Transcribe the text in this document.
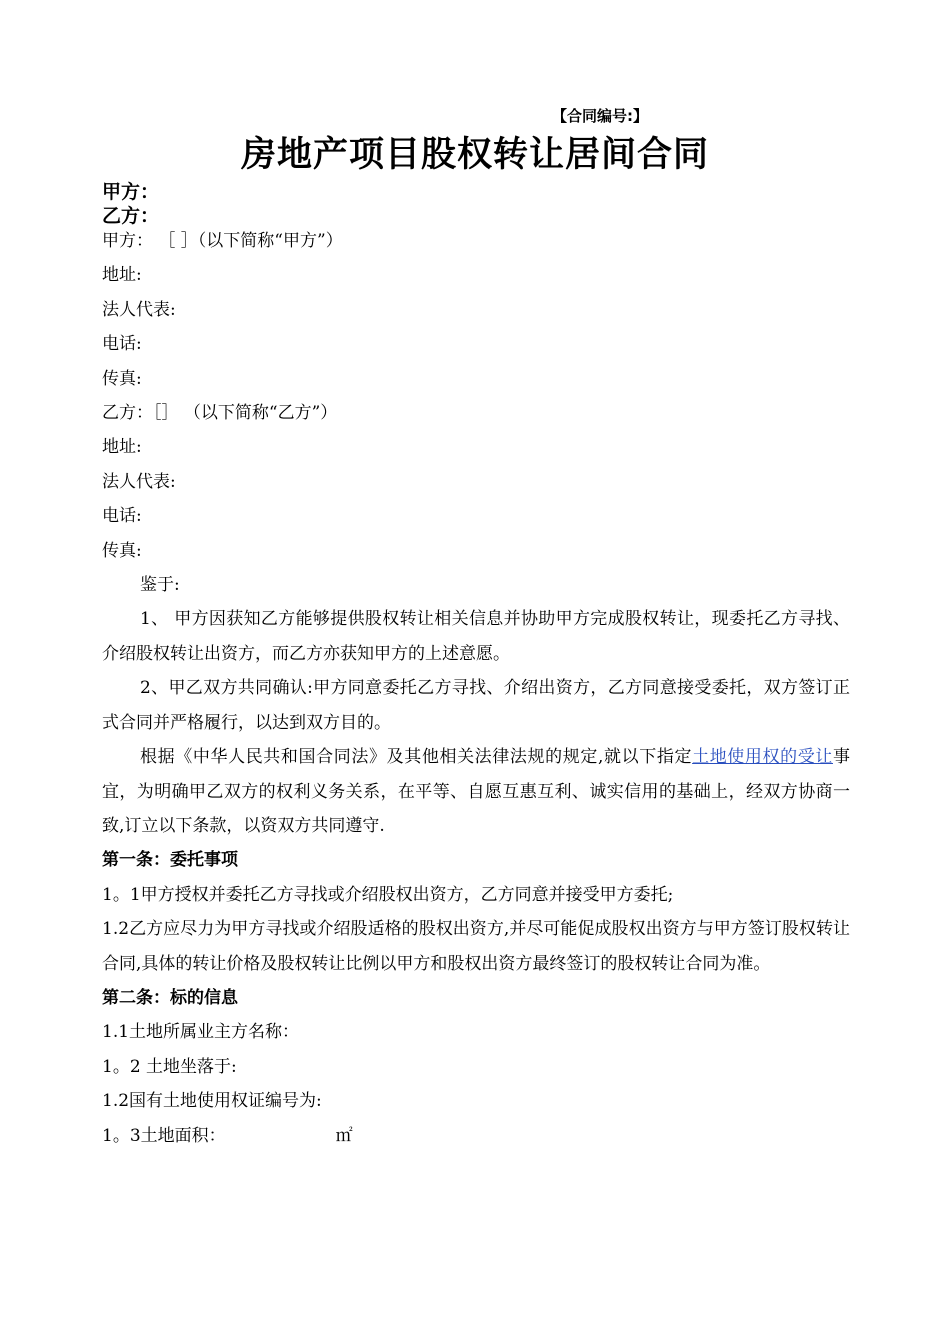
【合同编号:】
房地产项目股权转让居间合同
甲方：
乙方：

甲方： ［ ］（以下简称“甲方”）

地址:

法人代表:

电话:

传真:

乙方：［］ （以下简称“乙方”）

地址:

法人代表:

电话:

传真:

鉴于:

1、 甲方因获知乙方能够提供股权转让相关信息并协助甲方完成股权转让，现委托乙方寻找、介绍股权转让出资方，而乙方亦获知甲方的上述意愿。

2、甲乙双方共同确认:甲方同意委托乙方寻找、介绍出资方，乙方同意接受委托，双方签订正式合同并严格履行，以达到双方目的。

根据《中华人民共和国合同法》及其他相关法律法规的规定,就以下指定土地使用权的受让事宜，为明确甲乙双方的权利义务关系，在平等、自愿互惠互利、诚实信用的基础上，经双方协商一致,订立以下条款，以资双方共同遵守.

第一条：委托事项

1。1甲方授权并委托乙方寻找或介绍股权出资方，乙方同意并接受甲方委托;

1.2乙方应尽力为甲方寻找或介绍股适格的股权出资方,并尽可能促成股权出资方与甲方签订股权转让合同,具体的转让价格及股权转让比例以甲方和股权出资方最终签订的股权转让合同为准。

第二条：标的信息

1.1土地所属业主方名称：

1。2 土地坐落于:

1.2国有土地使用权证编号为:

1。3土地面积：	㎡
